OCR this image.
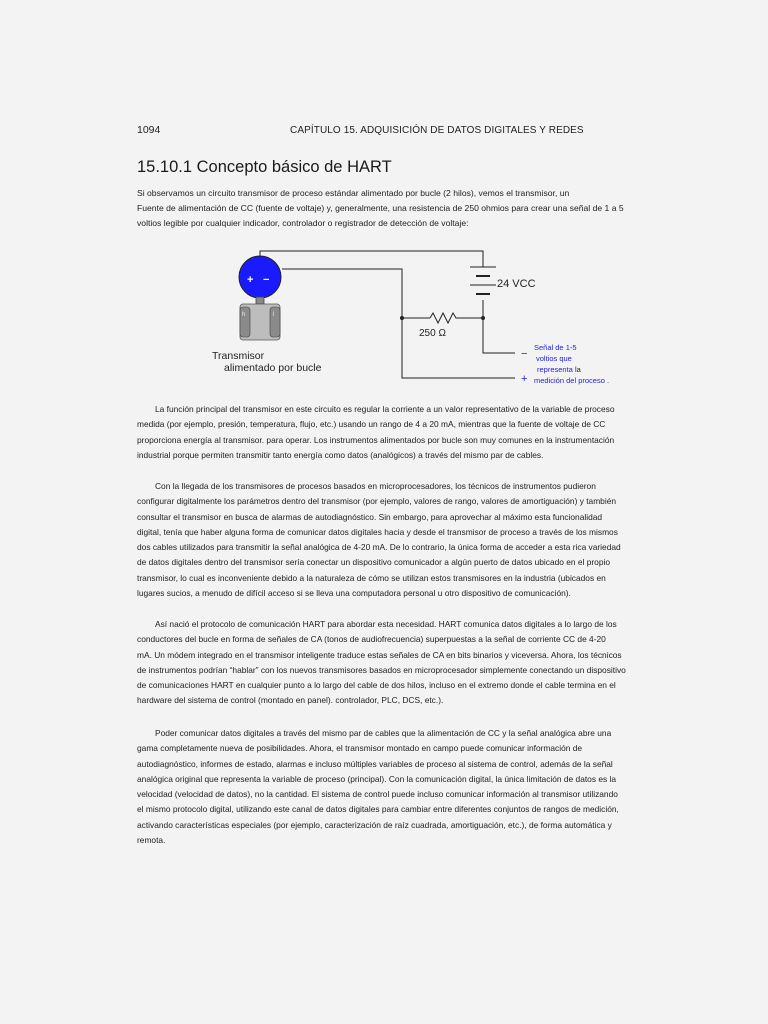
1094	CAPÍTULO 15. ADQUISICIÓN DE DATOS DIGITALES Y REDES
15.10.1 Concepto básico de HART
Si observamos un circuito transmisor de proceso estándar alimentado por bucle (2 hilos), vemos el transmisor, un
Fuente de alimentación de CC (fuente de voltaje) y, generalmente, una resistencia de 250 ohmios para crear una señal de 1 a 5
voltios legible por cualquier indicador, controlador o registrador de detección de voltaje:
h	l
+ −	24 VCC
250 Ω
Transmisor
alimentado por bucle
−
+
Señal de 1-5
voltios que
representa la
medición del proceso .
La función principal del transmisor en este circuito es regular la corriente a un valor representativo de la variable de proceso
medida (por ejemplo, presión, temperatura, flujo, etc.) usando un rango de 4 a 20 mA, mientras que la fuente de voltaje de CC
proporciona energía al transmisor. para operar. Los instrumentos alimentados por bucle son muy comunes en la instrumentación
industrial porque permiten transmitir tanto energía como datos (analógicos) a través del mismo par de cables.
Con la llegada de los transmisores de procesos basados en microprocesadores, los técnicos de instrumentos pudieron
configurar digitalmente los parámetros dentro del transmisor (por ejemplo, valores de rango, valores de amortiguación) y también
consultar el transmisor en busca de alarmas de autodiagnóstico. Sin embargo, para aprovechar al máximo esta funcionalidad
digital, tenía que haber alguna forma de comunicar datos digitales hacia y desde el transmisor de proceso a través de los mismos
dos cables utilizados para transmitir la señal analógica de 4-20 mA. De lo contrario, la única forma de acceder a esta rica variedad
de datos digitales dentro del transmisor sería conectar un dispositivo comunicador a algún puerto de datos ubicado en el propio
transmisor, lo cual es inconveniente debido a la naturaleza de cómo se utilizan estos transmisores en la industria (ubicados en
lugares sucios, a menudo de difícil acceso si se lleva una computadora personal u otro dispositivo de comunicación).
Así nació el protocolo de comunicación HART para abordar esta necesidad. HART comunica datos digitales a lo largo de los
conductores del bucle en forma de señales de CA (tonos de audiofrecuencia) superpuestas a la señal de corriente CC de 4-20
mA. Un módem integrado en el transmisor inteligente traduce estas señales de CA en bits binarios y viceversa. Ahora, los técnicos
de instrumentos podrían “hablar” con los nuevos transmisores basados en microprocesador simplemente conectando un dispositivo
de comunicaciones HART en cualquier punto a lo largo del cable de dos hilos, incluso en el extremo donde el cable termina en el
hardware del sistema de control (montado en panel). controlador, PLC, DCS, etc.).
Poder comunicar datos digitales a través del mismo par de cables que la alimentación de CC y la señal analógica abre una
gama completamente nueva de posibilidades. Ahora, el transmisor montado en campo puede comunicar información de
autodiagnóstico, informes de estado, alarmas e incluso múltiples variables de proceso al sistema de control, además de la señal
analógica original que representa la variable de proceso (principal). Con la comunicación digital, la única limitación de datos es la
velocidad (velocidad de datos), no la cantidad. El sistema de control puede incluso comunicar información al transmisor utilizando
el mismo protocolo digital, utilizando este canal de datos digitales para cambiar entre diferentes conjuntos de rangos de medición,
activando características especiales (por ejemplo, caracterización de raíz cuadrada, amortiguación, etc.), de forma automática y
remota.
